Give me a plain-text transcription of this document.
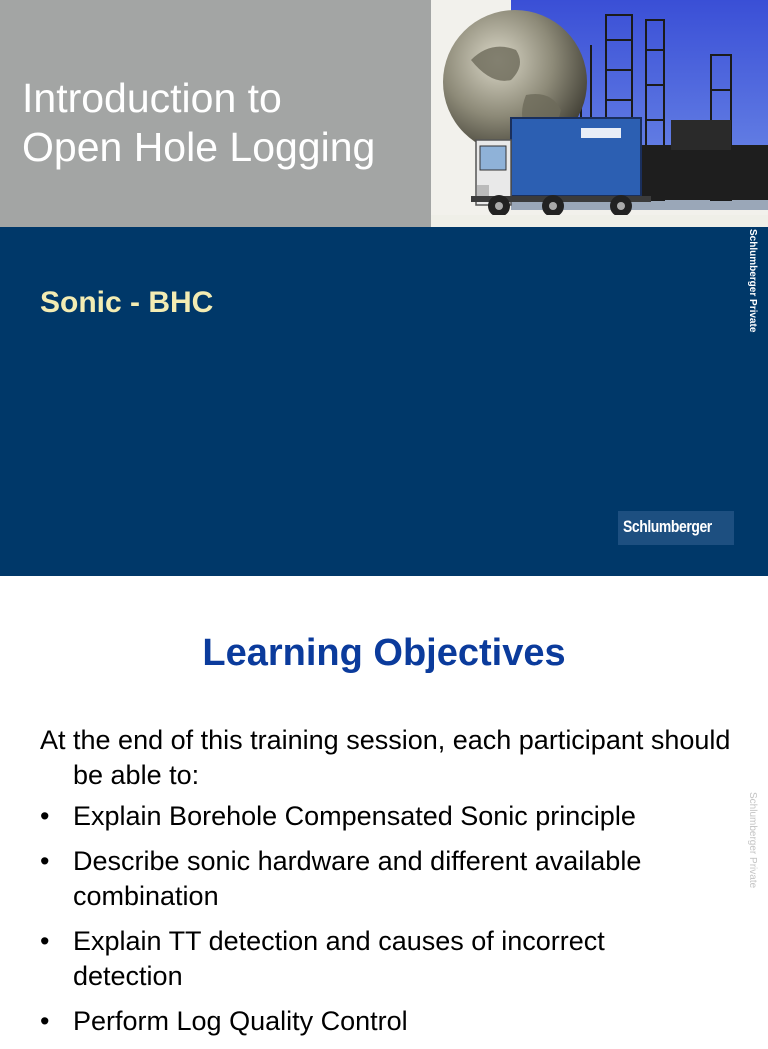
Introduction to
Open Hole Logging
Sonic - BHC
Schlumberger
Schlumberger Private
Learning Objectives

At the end of this training session, each participant should be able to:

• Explain Borehole Compensated Sonic principle
• Describe sonic hardware and different available combination
• Explain TT detection and causes of incorrect detection
• Perform Log Quality Control
Schlumberger Private
